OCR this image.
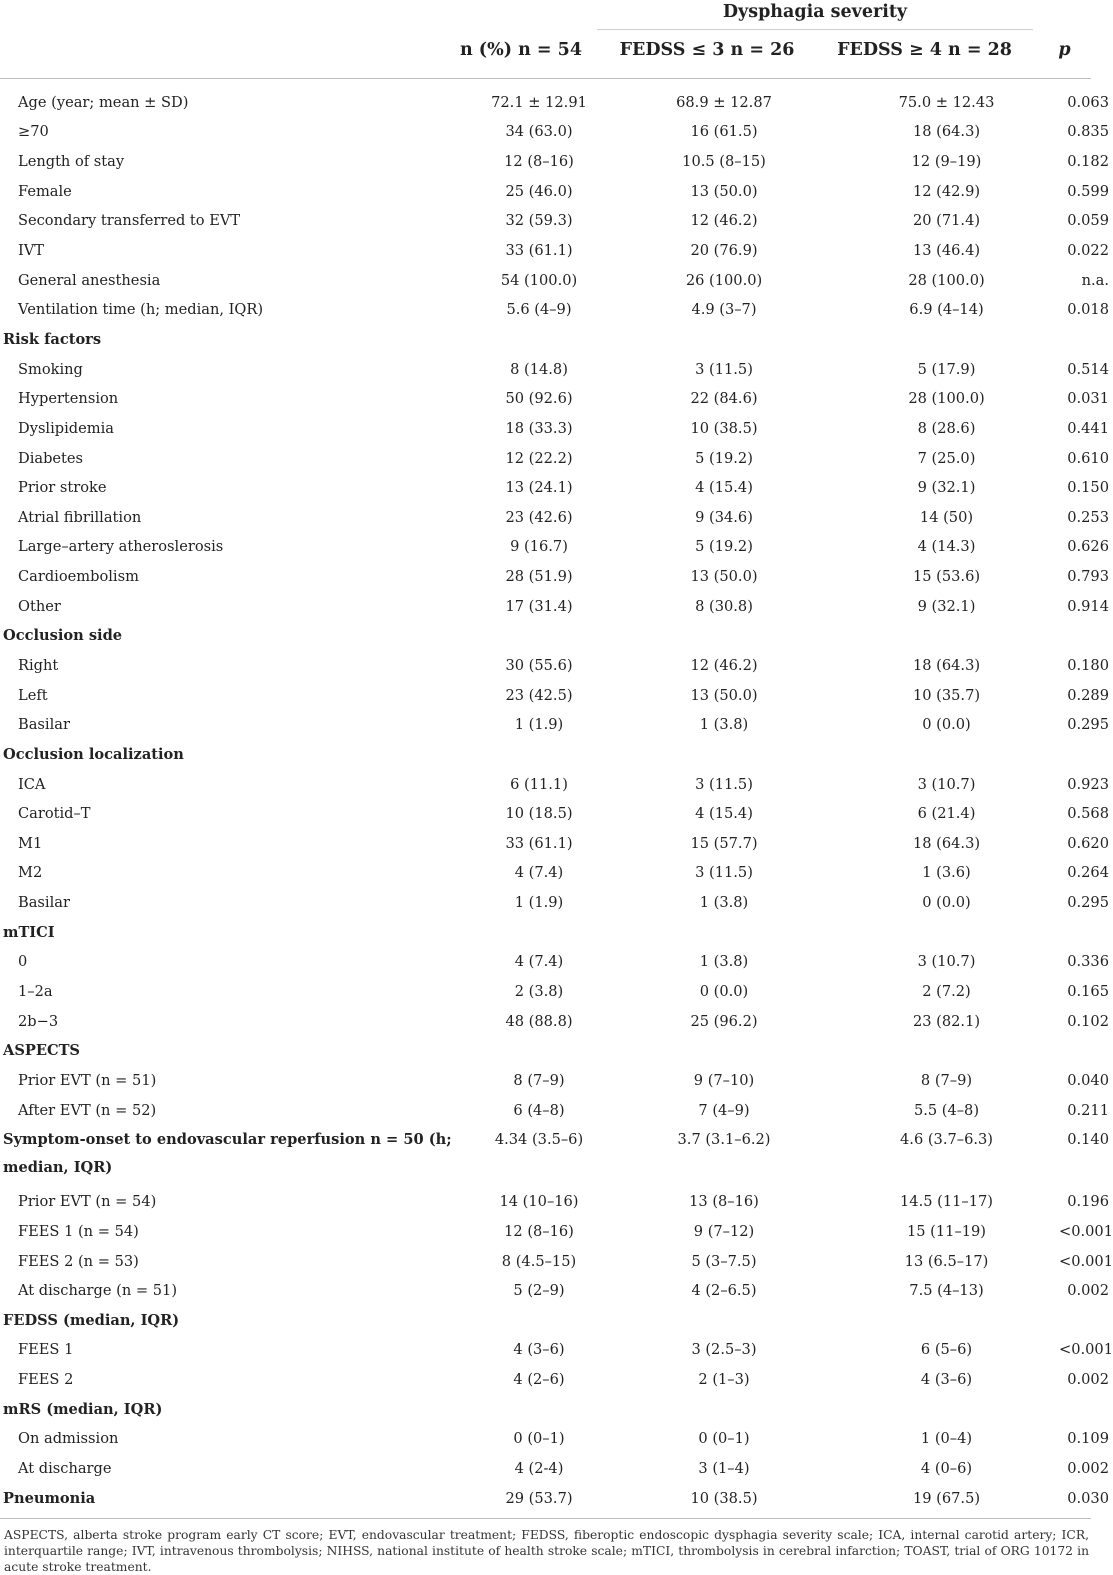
Dysphagia severity
n (%) n = 54	FEDSS ≤ 3 n = 26	FEDSS ≥ 4 n = 28	p
Age (year; mean ± SD)	72.1 ± 12.91	68.9 ± 12.87	75.0 ± 12.43	0.063
≥70	34 (63.0)	16 (61.5)	18 (64.3)	0.835
Length of stay	12 (8–16)	10.5 (8–15)	12 (9–19)	0.182
Female	25 (46.0)	13 (50.0)	12 (42.9)	0.599
Secondary transferred to EVT	32 (59.3)	12 (46.2)	20 (71.4)	0.059
IVT	33 (61.1)	20 (76.9)	13 (46.4)	0.022
General anesthesia	54 (100.0)	26 (100.0)	28 (100.0)	n.a.
Ventilation time (h; median, IQR)	5.6 (4–9)	4.9 (3–7)	6.9 (4–14)	0.018
Risk factors				
Smoking	8 (14.8)	3 (11.5)	5 (17.9)	0.514
Hypertension	50 (92.6)	22 (84.6)	28 (100.0)	0.031
Dyslipidemia	18 (33.3)	10 (38.5)	8 (28.6)	0.441
Diabetes	12 (22.2)	5 (19.2)	7 (25.0)	0.610
Prior stroke	13 (24.1)	4 (15.4)	9 (32.1)	0.150
Atrial fibrillation	23 (42.6)	9 (34.6)	14 (50)	0.253
Large–artery atheroslerosis	9 (16.7)	5 (19.2)	4 (14.3)	0.626
Cardioembolism	28 (51.9)	13 (50.0)	15 (53.6)	0.793
Other	17 (31.4)	8 (30.8)	9 (32.1)	0.914
Occlusion side				
Right	30 (55.6)	12 (46.2)	18 (64.3)	0.180
Left	23 (42.5)	13 (50.0)	10 (35.7)	0.289
Basilar	1 (1.9)	1 (3.8)	0 (0.0)	0.295
Occlusion localization				
ICA	6 (11.1)	3 (11.5)	3 (10.7)	0.923
Carotid–T	10 (18.5)	4 (15.4)	6 (21.4)	0.568
M1	33 (61.1)	15 (57.7)	18 (64.3)	0.620
M2	4 (7.4)	3 (11.5)	1 (3.6)	0.264
Basilar	1 (1.9)	1 (3.8)	0 (0.0)	0.295
mTICI				
0	4 (7.4)	1 (3.8)	3 (10.7)	0.336
1–2a	2 (3.8)	0 (0.0)	2 (7.2)	0.165
2b−3	48 (88.8)	25 (96.2)	23 (82.1)	0.102
ASPECTS				
Prior EVT (n = 51)	8 (7–9)	9 (7–10)	8 (7–9)	0.040
After EVT (n = 52)	6 (4–8)	7 (4–9)	5.5 (4–8)	0.211
Symptom-onset to endovascular reperfusion n = 50 (h; median, IQR)	4.34 (3.5–6)	3.7 (3.1–6.2)	4.6 (3.7–6.3)	0.140
Prior EVT (n = 54)	14 (10–16)	13 (8–16)	14.5 (11–17)	0.196
FEES 1 (n = 54)	12 (8–16)	9 (7–12)	15 (11–19)	<0.001
FEES 2 (n = 53)	8 (4.5–15)	5 (3–7.5)	13 (6.5–17)	<0.001
At discharge (n = 51)	5 (2–9)	4 (2–6.5)	7.5 (4–13)	0.002
FEDSS (median, IQR)				
FEES 1	4 (3–6)	3 (2.5–3)	6 (5–6)	<0.001
FEES 2	4 (2–6)	2 (1–3)	4 (3–6)	0.002
mRS (median, IQR)				
On admission	0 (0–1)	0 (0–1)	1 (0–4)	0.109
At discharge	4 (2-4)	3 (1–4)	4 (0–6)	0.002
Pneumonia	29 (53.7)	10 (38.5)	19 (67.5)	0.030
ASPECTS, alberta stroke program early CT score; EVT, endovascular treatment; FEDSS, fiberoptic endoscopic dysphagia severity scale; ICA, internal carotid artery; ICR, interquartile range; IVT, intravenous thrombolysis; NIHSS, national institute of health stroke scale; mTICI, thrombolysis in cerebral infarction; TOAST, trial of ORG 10172 in acute stroke treatment.
